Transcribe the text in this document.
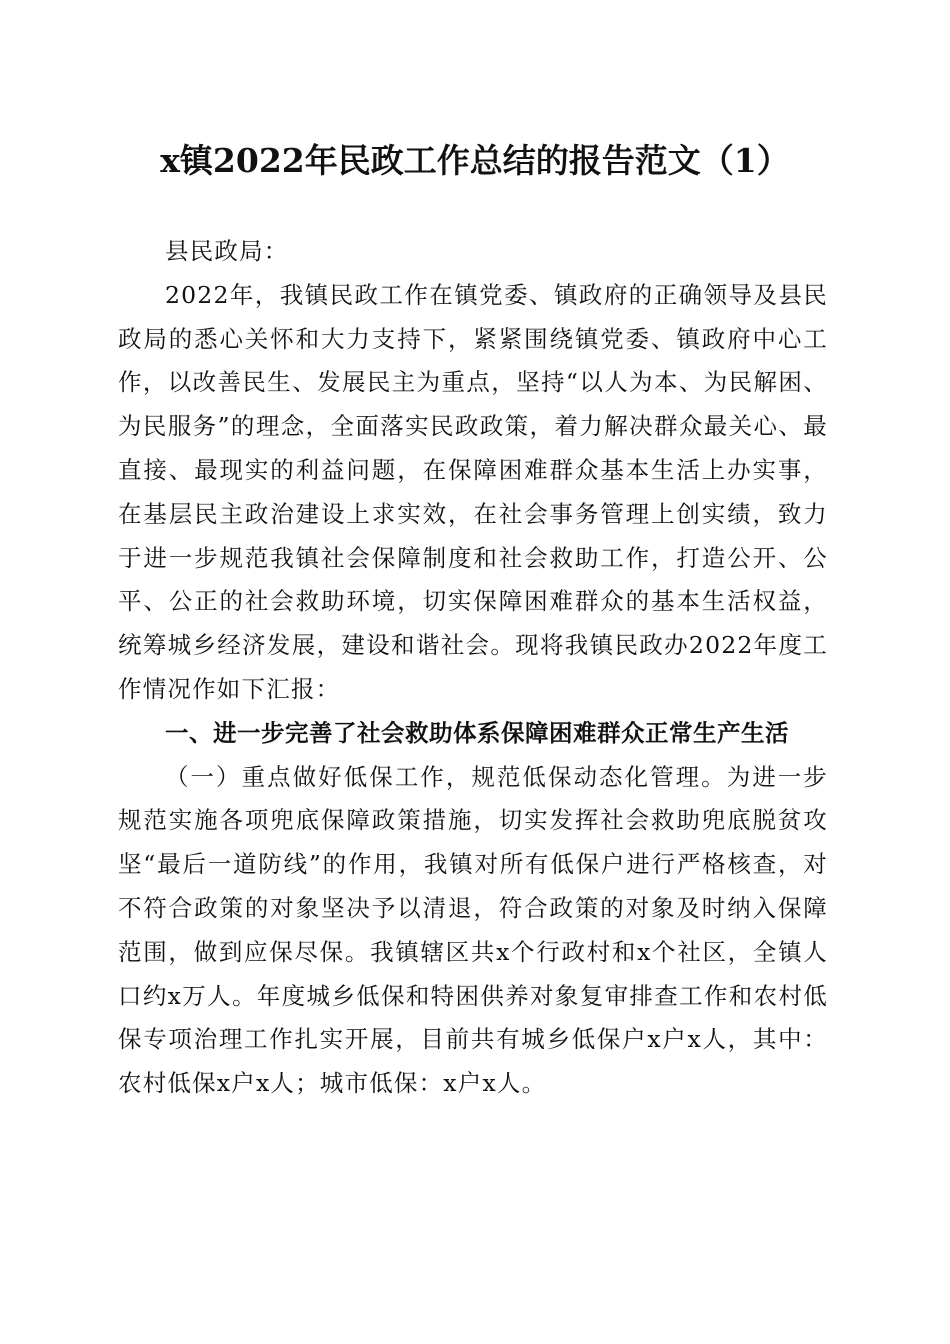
x镇2022年民政工作总结的报告范文（1）

县民政局：

2022年，我镇民政工作在镇党委、镇政府的正确领导及县民政局的悉心关怀和大力支持下，紧紧围绕镇党委、镇政府中心工作，以改善民生、发展民主为重点，坚持“以人为本、为民解困、为民服务”的理念，全面落实民政政策，着力解决群众最关心、最直接、最现实的利益问题，在保障困难群众基本生活上办实事，在基层民主政治建设上求实效，在社会事务管理上创实绩，致力于进一步规范我镇社会保障制度和社会救助工作，打造公开、公平、公正的社会救助环境，切实保障困难群众的基本生活权益，统筹城乡经济发展，建设和谐社会。现将我镇民政办2022年度工作情况作如下汇报：

一、进一步完善了社会救助体系保障困难群众正常生产生活

（一）重点做好低保工作，规范低保动态化管理。为进一步规范实施各项兜底保障政策措施，切实发挥社会救助兜底脱贫攻坚“最后一道防线”的作用，我镇对所有低保户进行严格核查，对不符合政策的对象坚决予以清退，符合政策的对象及时纳入保障范围，做到应保尽保。我镇辖区共x个行政村和x个社区，全镇人口约x万人。年度城乡低保和特困供养对象复审排查工作和农村低保专项治理工作扎实开展，目前共有城乡低保户x户x人，其中：农村低保x户x人；城市低保：x户x人。
